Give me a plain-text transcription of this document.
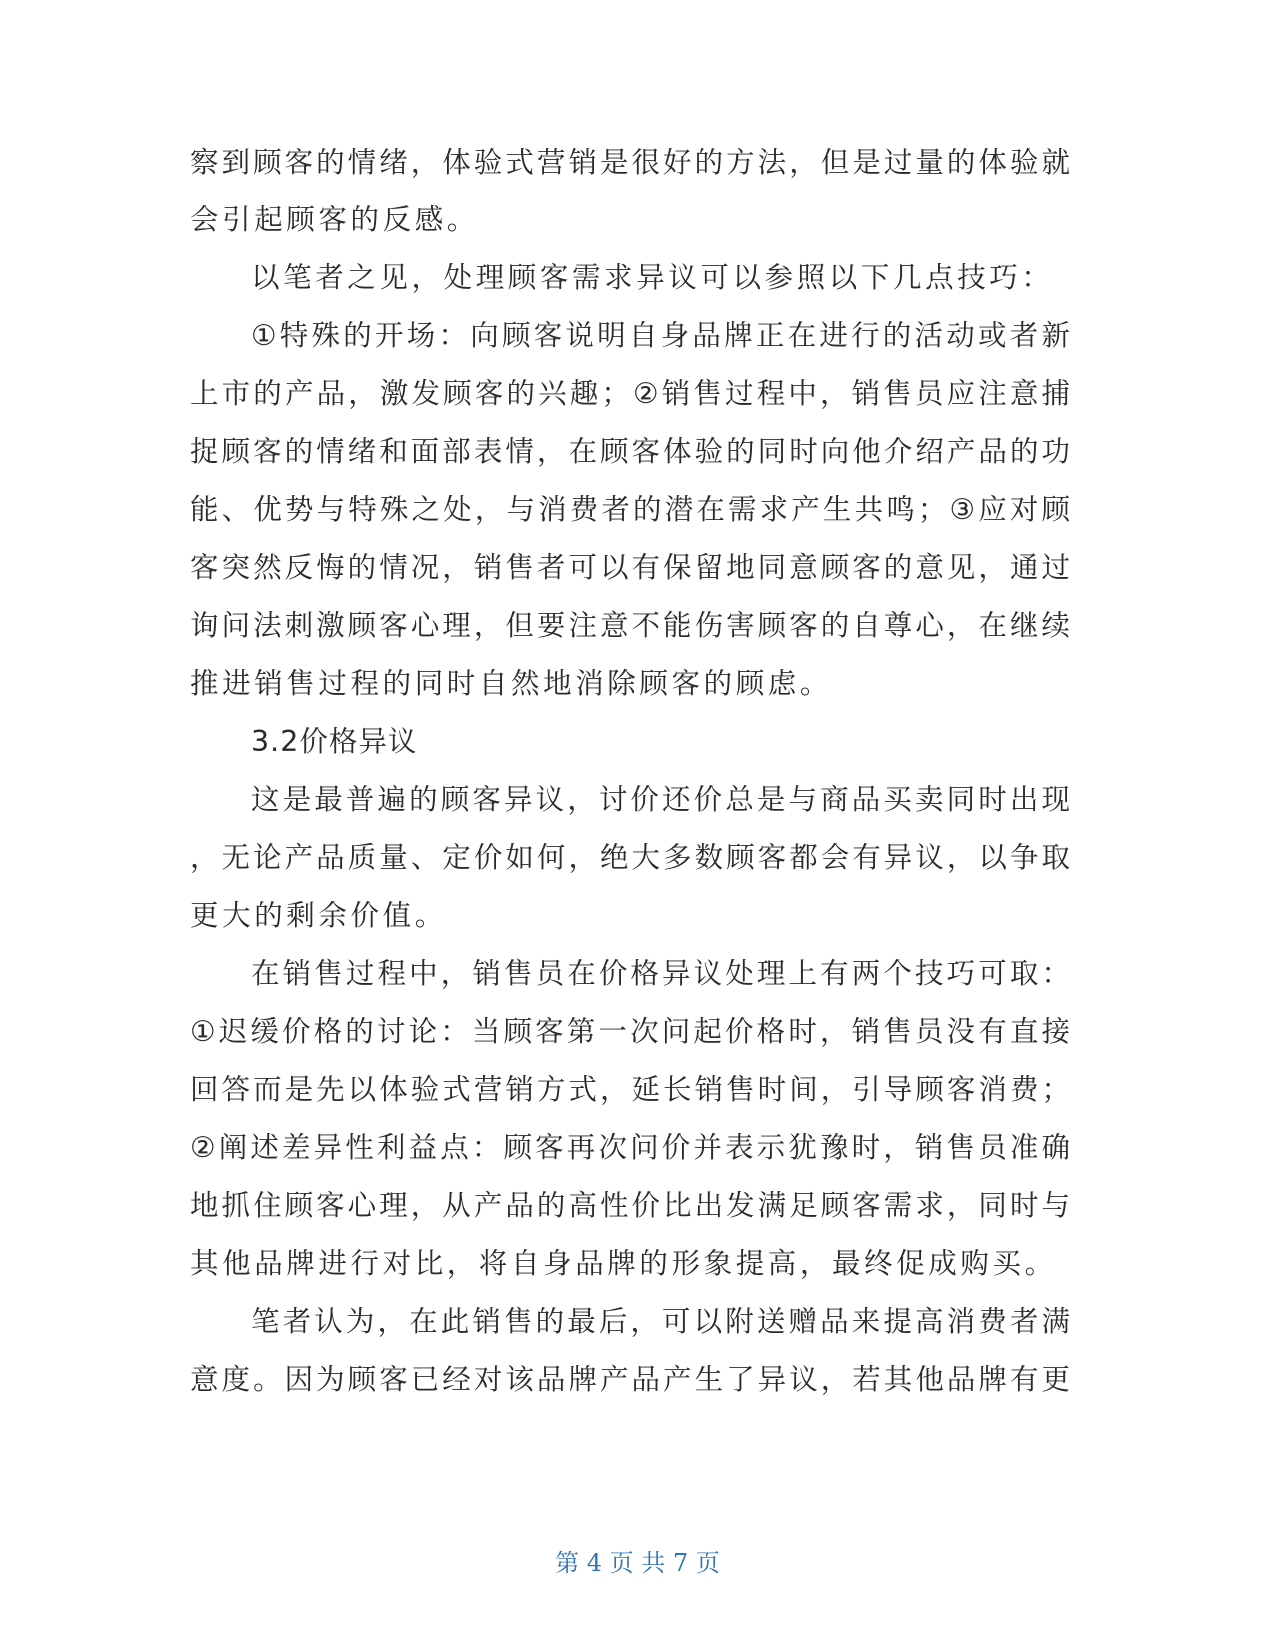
察到顾客的情绪，体验式营销是很好的方法，但是过量的体验就
会引起顾客的反感。
以笔者之见，处理顾客需求异议可以参照以下几点技巧：
①特殊的开场：向顾客说明自身品牌正在进行的活动或者新
上市的产品，激发顾客的兴趣；②销售过程中，销售员应注意捕
捉顾客的情绪和面部表情，在顾客体验的同时向他介绍产品的功
能、优势与特殊之处，与消费者的潜在需求产生共鸣；③应对顾
客突然反悔的情况，销售者可以有保留地同意顾客的意见，通过
询问法刺激顾客心理，但要注意不能伤害顾客的自尊心，在继续
推进销售过程的同时自然地消除顾客的顾虑。
3.2价格异议
这是最普遍的顾客异议，讨价还价总是与商品买卖同时出现
，无论产品质量、定价如何，绝大多数顾客都会有异议，以争取
更大的剩余价值。
在销售过程中，销售员在价格异议处理上有两个技巧可取：
①迟缓价格的讨论：当顾客第一次问起价格时，销售员没有直接
回答而是先以体验式营销方式，延长销售时间，引导顾客消费；
②阐述差异性利益点：顾客再次问价并表示犹豫时，销售员准确
地抓住顾客心理，从产品的高性价比出发满足顾客需求，同时与
其他品牌进行对比，将自身品牌的形象提高，最终促成购买。
笔者认为，在此销售的最后，可以附送赠品来提高消费者满
意度。因为顾客已经对该品牌产品产生了异议，若其他品牌有更
第 4 页 共 7 页
